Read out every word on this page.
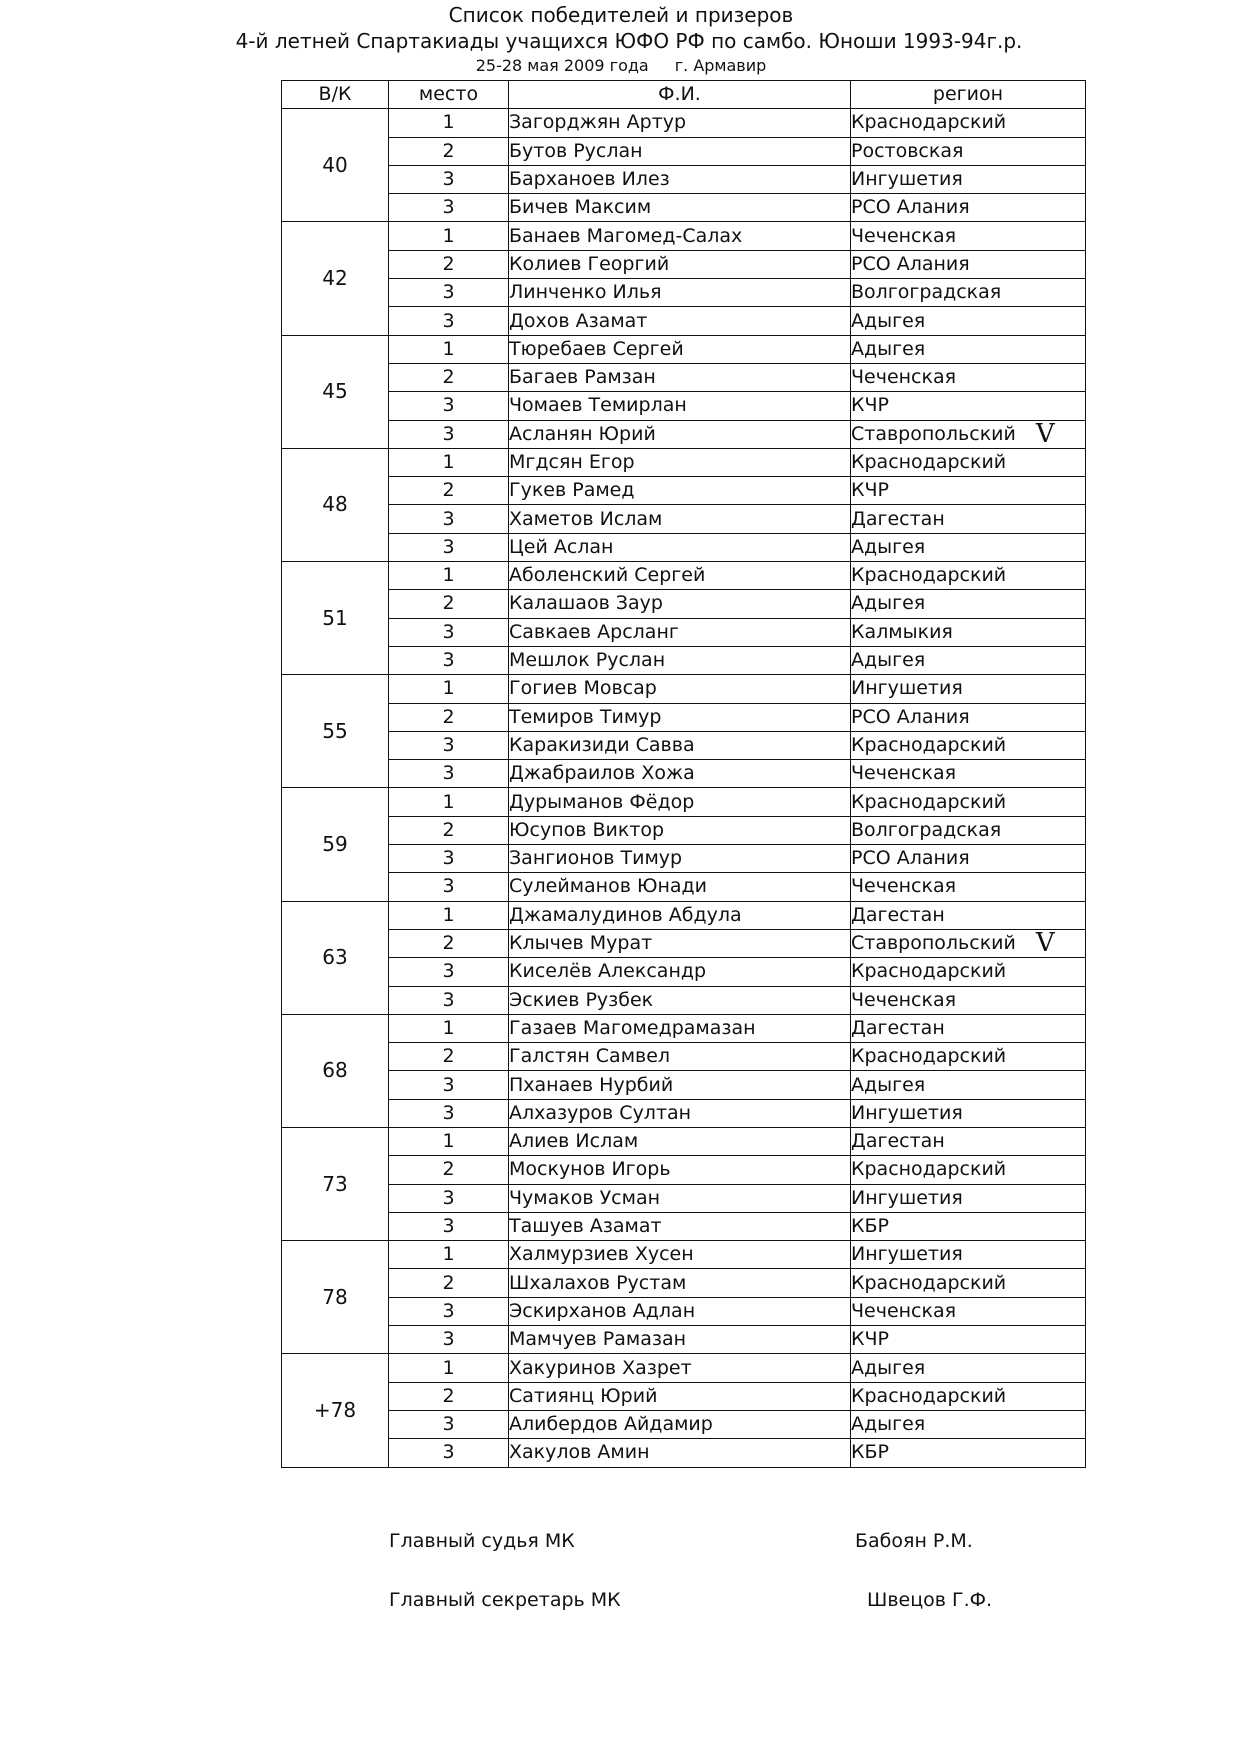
Список победителей и призеров
4-й летней Спартакиады учащихся ЮФО РФ по самбо. Юноши 1993-94г.р.
25-28 мая 2009 года г. Армавир
В/К	место	Ф.И.	регион
40	1	Загорджян Артур	Краснодарский
	2	Бутов Руслан	Ростовская
	3	Барханоев Илез	Ингушетия
	3	Бичев Максим	РСО Алания
42	1	Банаев Магомед-Салах	Чеченская
	2	Колиев Георгий	РСО Алания
	3	Линченко Илья	Волгоградская
	3	Дохов Азамат	Адыгея
45	1	Тюребаев Сергей	Адыгея
	2	Багаев Рамзан	Чеченская
	3	Чомаев Темирлан	КЧР
	3	Асланян Юрий	Ставропольский V
48	1	Мгдсян Егор	Краснодарский
	2	Гукев Рамед	КЧР
	3	Хаметов Ислам	Дагестан
	3	Цей Аслан	Адыгея
51	1	Аболенский Сергей	Краснодарский
	2	Калашаов Заур	Адыгея
	3	Савкаев Арсланг	Калмыкия
	3	Мешлок Руслан	Адыгея
55	1	Гогиев Мовсар	Ингушетия
	2	Темиров Тимур	РСО Алания
	3	Каракизиди Савва	Краснодарский
	3	Джабраилов Хожа	Чеченская
59	1	Дурыманов Фёдор	Краснодарский
	2	Юсупов Виктор	Волгоградская
	3	Зангионов Тимур	РСО Алания
	3	Сулейманов Юнади	Чеченская
63	1	Джамалудинов Абдула	Дагестан
	2	Клычев Мурат	Ставропольский V
	3	Киселёв Александр	Краснодарский
	3	Эскиев Рузбек	Чеченская
68	1	Газаев Магомедрамазан	Дагестан
	2	Галстян Самвел	Краснодарский
	3	Пханаев Нурбий	Адыгея
	3	Алхазуров Султан	Ингушетия
73	1	Алиев Ислам	Дагестан
	2	Москунов Игорь	Краснодарский
	3	Чумаков Усман	Ингушетия
	3	Ташуев Азамат	КБР
78	1	Халмурзиев Хусен	Ингушетия
	2	Шхалахов Рустам	Краснодарский
	3	Эскирханов Адлан	Чеченская
	3	Мамчуев Рамазан	КЧР
+78	1	Хакуринов Хазрет	Адыгея
	2	Сатиянц Юрий	Краснодарский
	3	Алибердов Айдамир	Адыгея
	3	Хакулов Амин	КБР
Главный судья МК	Бабоян Р.М.
Главный секретарь МК	Швецов Г.Ф.
